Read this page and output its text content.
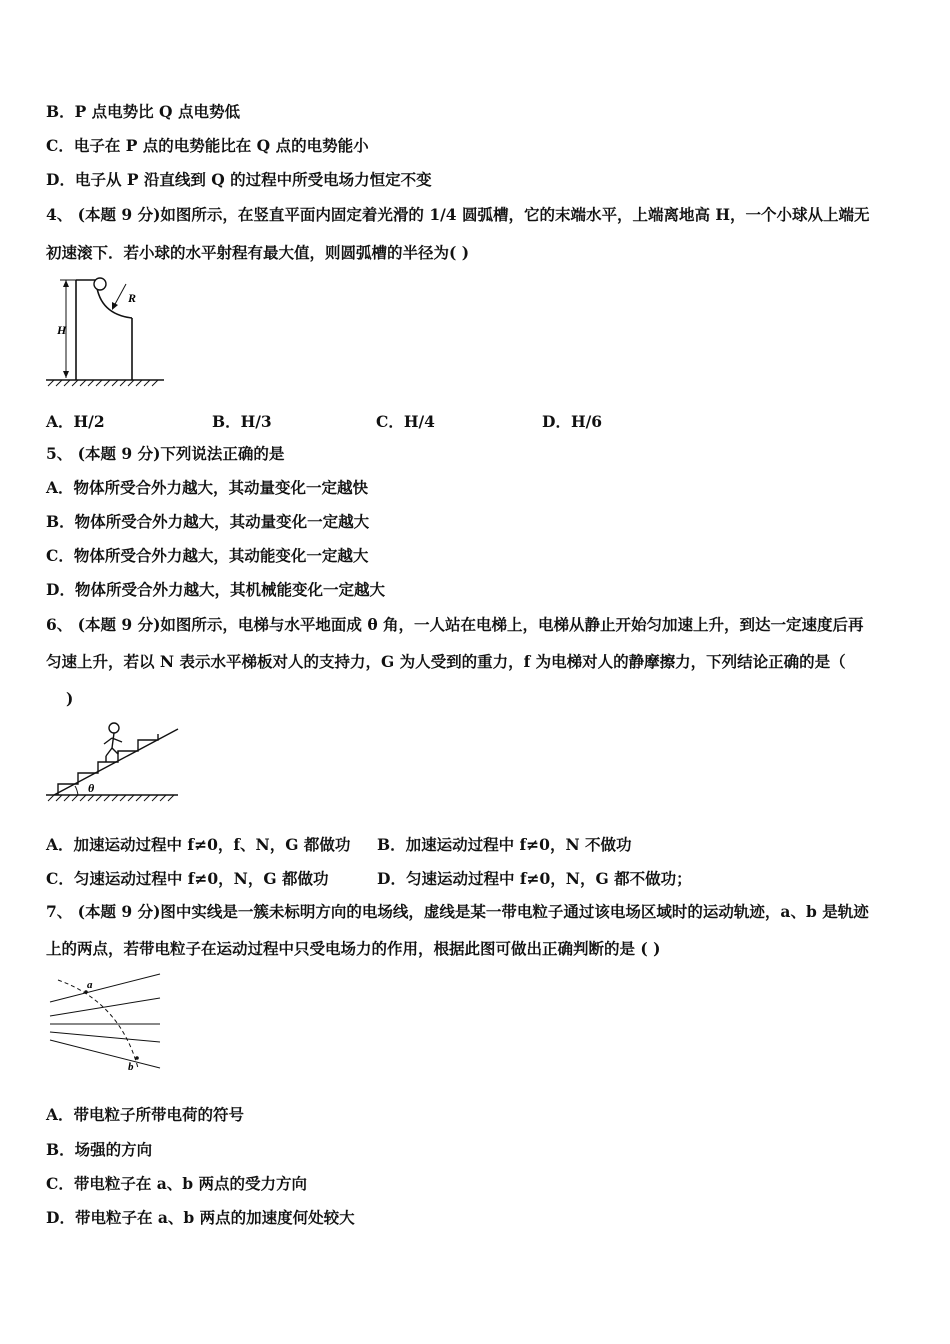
B．P 点电势比 Q 点电势低
C．电子在 P 点的电势能比在 Q 点的电势能小
D．电子从 P 沿直线到 Q 的过程中所受电场力恒定不变
4、 (本题 9 分)如图所示，在竖直平面内固定着光滑的 1/4 圆弧槽，它的末端水平，上端离地高 H，一个小球从上端无
初速滚下．若小球的水平射程有最大值，则圆弧槽的半径为( )
H
R
A．H/2	B．H/3	C．H/4	D．H/6
5、 (本题 9 分)下列说法正确的是
A．物体所受合外力越大，其动量变化一定越快
B．物体所受合外力越大，其动量变化一定越大
C．物体所受合外力越大，其动能变化一定越大
D．物体所受合外力越大，其机械能变化一定越大
6、 (本题 9 分)如图所示，电梯与水平地面成 θ 角，一人站在电梯上，电梯从静止开始匀加速上升，到达一定速度后再
匀速上升，若以 N 表示水平梯板对人的支持力，G 为人受到的重力，f 为电梯对人的静摩擦力，下列结论正确的是（
)
θ
A．加速运动过程中 f≠0，f、N，G 都做功 B．加速运动过程中 f≠0，N 不做功
C．匀速运动过程中 f≠0，N，G 都做功	D．匀速运动过程中 f≠0，N，G 都不做功；
7、 (本题 9 分)图中实线是一簇未标明方向的电场线，虚线是某一带电粒子通过该电场区域时的运动轨迹，a、b 是轨迹
上的两点，若带电粒子在运动过程中只受电场力的作用，根据此图可做出正确判断的是 ( )
a
b
A．带电粒子所带电荷的符号
B．场强的方向
C．带电粒子在 a、b 两点的受力方向
D．带电粒子在 a、b 两点的加速度何处较大
